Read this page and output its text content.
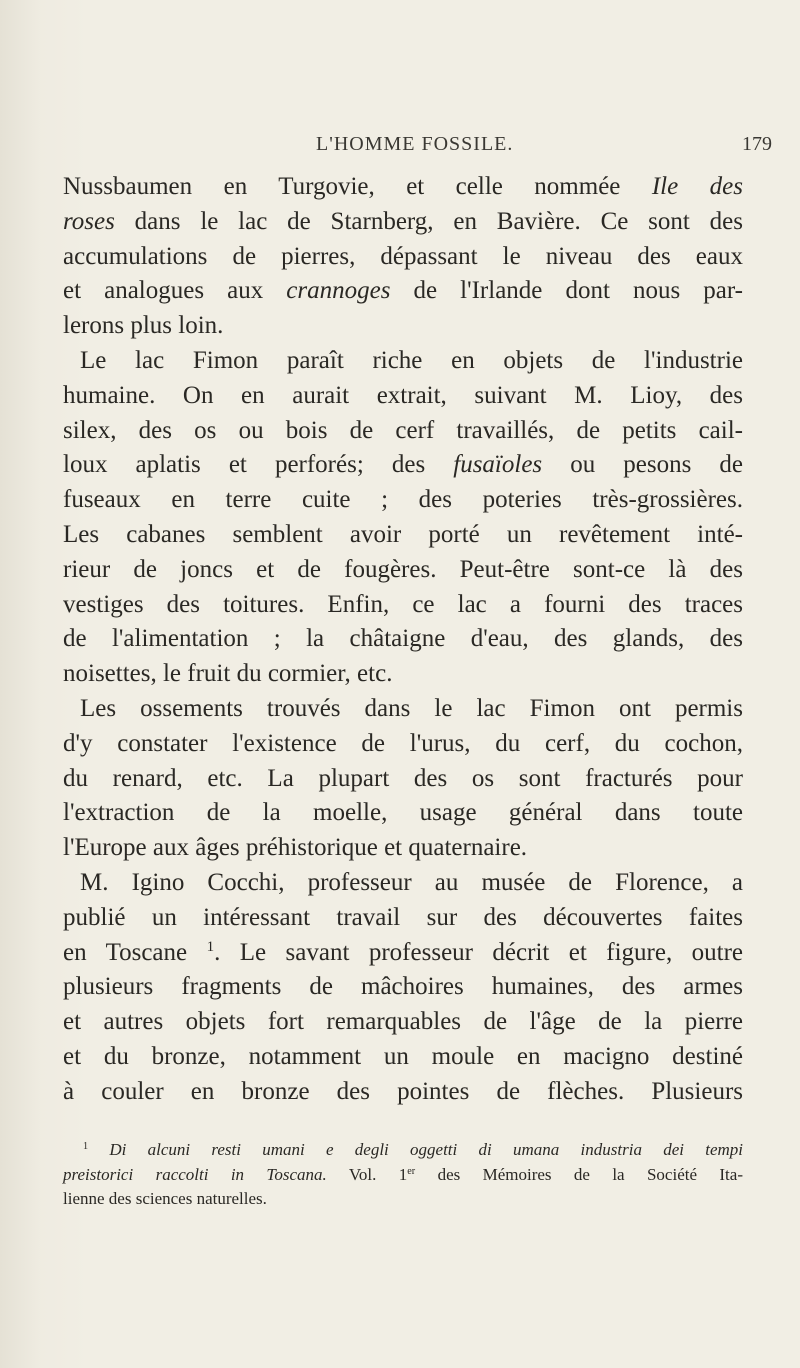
L'HOMME FOSSILE.	179
Nussbaumen en Turgovie, et celle nommée Ile des
roses dans le lac de Starnberg, en Bavière. Ce sont des
accumulations de pierres, dépassant le niveau des eaux
et analogues aux crannoges de l'Irlande dont nous par-
lerons plus loin.
Le lac Fimon paraît riche en objets de l'industrie
humaine. On en aurait extrait, suivant M. Lioy, des
silex, des os ou bois de cerf travaillés, de petits cail-
loux aplatis et perforés; des fusaïoles ou pesons de
fuseaux en terre cuite ; des poteries très-grossières.
Les cabanes semblent avoir porté un revêtement inté-
rieur de joncs et de fougères. Peut-être sont-ce là des
vestiges des toitures. Enfin, ce lac a fourni des traces
de l'alimentation ; la châtaigne d'eau, des glands, des
noisettes, le fruit du cormier, etc.
Les ossements trouvés dans le lac Fimon ont permis
d'y constater l'existence de l'urus, du cerf, du cochon,
du renard, etc. La plupart des os sont fracturés pour
l'extraction de la moelle, usage général dans toute
l'Europe aux âges préhistorique et quaternaire.
M. Igino Cocchi, professeur au musée de Florence, a
publié un intéressant travail sur des découvertes faites
en Toscane $^1$. Le savant professeur décrit et figure, outre
plusieurs fragments de mâchoires humaines, des armes
et autres objets fort remarquables de l'âge de la pierre
et du bronze, notamment un moule en macigno destiné
à couler en bronze des pointes de flèches. Plusieurs
$^1$ Di alcuni resti umani e degli oggetti di umana industria dei tempi
preistorici raccolti in Toscana. Vol. 1er des Mémoires de la Société Ita-
lienne des sciences naturelles.
